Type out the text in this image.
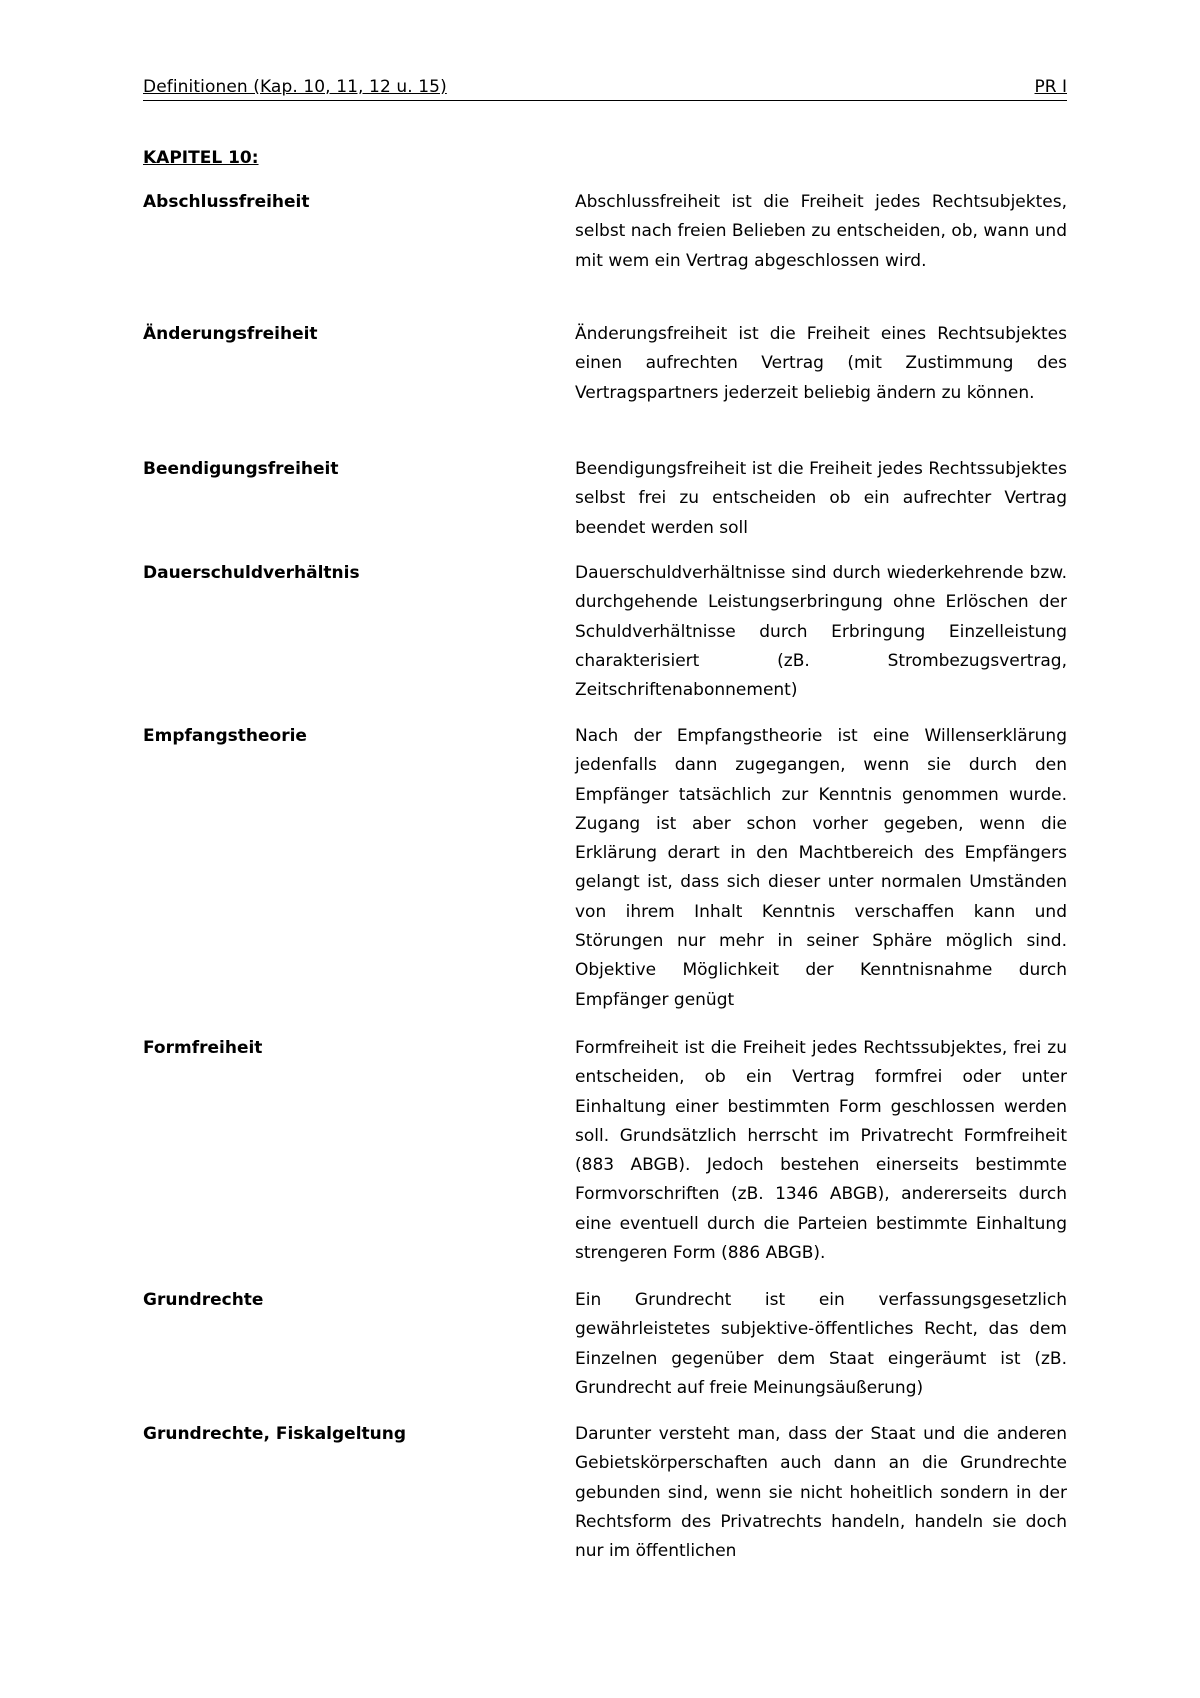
Definitionen (Kap. 10, 11, 12 u. 15)	PR I
KAPITEL 10:
Abschlussfreiheit	Abschlussfreiheit ist die Freiheit jedes Rechtsubjektes, selbst nach freien Belieben zu entscheiden, ob, wann und mit wem ein Vertrag abgeschlossen wird.
Änderungsfreiheit	Änderungsfreiheit ist die Freiheit eines Rechtsubjektes einen aufrechten Vertrag (mit Zustimmung des Vertragspartners jederzeit beliebig ändern zu können.
Beendigungsfreiheit	Beendigungsfreiheit ist die Freiheit jedes Rechtssubjektes selbst frei zu entscheiden ob ein aufrechter Vertrag beendet werden soll
Dauerschuldverhältnis	Dauerschuldverhältnisse sind durch wiederkehrende bzw. durchgehende Leistungserbringung ohne Erlöschen der Schuldverhältnisse durch Erbringung Einzelleistung charakterisiert (zB. Strombezugsvertrag, Zeitschriftenabonnement)
Empfangstheorie	Nach der Empfangstheorie ist eine Willenserklärung jedenfalls dann zugegangen, wenn sie durch den Empfänger tatsächlich zur Kenntnis genommen wurde. Zugang ist aber schon vorher gegeben, wenn die Erklärung derart in den Machtbereich des Empfängers gelangt ist, dass sich dieser unter normalen Umständen von ihrem Inhalt Kenntnis verschaffen kann und Störungen nur mehr in seiner Sphäre möglich sind. Objektive Möglichkeit der Kenntnisnahme durch Empfänger genügt
Formfreiheit	Formfreiheit ist die Freiheit jedes Rechtssubjektes, frei zu entscheiden, ob ein Vertrag formfrei oder unter Einhaltung einer bestimmten Form geschlossen werden soll. Grundsätzlich herrscht im Privatrecht Formfreiheit (883 ABGB). Jedoch bestehen einerseits bestimmte Formvorschriften (zB. 1346 ABGB), andererseits durch eine eventuell durch die Parteien bestimmte Einhaltung strengeren Form (886 ABGB).
Grundrechte	Ein Grundrecht ist ein verfassungsgesetzlich gewährleistetes subjektive-öffentliches Recht, das dem Einzelnen gegenüber dem Staat eingeräumt ist (zB. Grundrecht auf freie Meinungsäußerung)
Grundrechte, Fiskalgeltung	Darunter versteht man, dass der Staat und die anderen Gebietskörperschaften auch dann an die Grundrechte gebunden sind, wenn sie nicht hoheitlich sondern in der Rechtsform des Privatrechts handeln, handeln sie doch nur im öffentlichen
